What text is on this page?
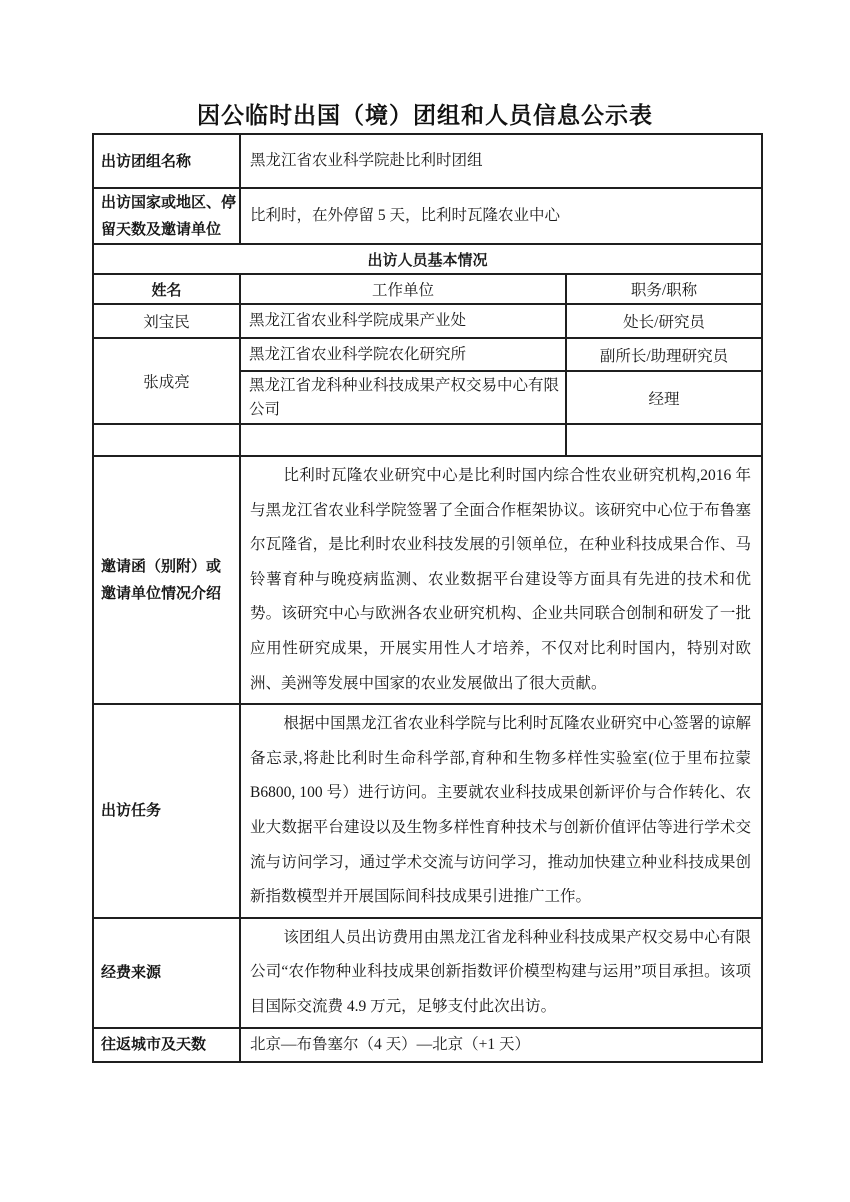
因公临时出国（境）团组和人员信息公示表
出访团组名称	黑龙江省农业科学院赴比利时团组	
出访国家或地区、停留天数及邀请单位	比利时，在外停留 5 天，比利时瓦隆农业中心	
出访人员基本情况		
姓名	工作单位	职务/职称
刘宝民	黑龙江省农业科学院成果产业处	处长/研究员
张成亮	黑龙江省农业科学院农化研究所	副所长/助理研究员
	黑龙江省龙科种业科技成果产权交易中心有限公司	经理

邀请函（别附）或邀请单位情况介绍	比利时瓦隆农业研究中心是比利时国内综合性农业研究机构,2016 年与黑龙江省农业科学院签署了全面合作框架协议。该研究中心位于布鲁塞尔瓦隆省，是比利时农业科技发展的引领单位，在种业科技成果合作、马铃薯育种与晚疫病监测、农业数据平台建设等方面具有先进的技术和优势。该研究中心与欧洲各农业研究机构、企业共同联合创制和研发了一批应用性研究成果，开展实用性人才培养，不仅对比利时国内，特别对欧洲、美洲等发展中国家的农业发展做出了很大贡献。	

出访任务	根据中国黑龙江省农业科学院与比利时瓦隆农业研究中心签署的谅解备忘录,将赴比利时生命科学部,育种和生物多样性实验室(位于里布拉蒙 B6800, 100 号）进行访问。主要就农业科技成果创新评价与合作转化、农业大数据平台建设以及生物多样性育种技术与创新价值评估等进行学术交流与访问学习，通过学术交流与访问学习，推动加快建立种业科技成果创新指数模型并开展国际间科技成果引进推广工作。	

经费来源	该团组人员出访费用由黑龙江省龙科种业科技成果产权交易中心有限公司“农作物种业科技成果创新指数评价模型构建与运用”项目承担。该项目国际交流费 4.9 万元，足够支付此次出访。	

往返城市及天数	北京—布鲁塞尔（4 天）—北京（+1 天）	
